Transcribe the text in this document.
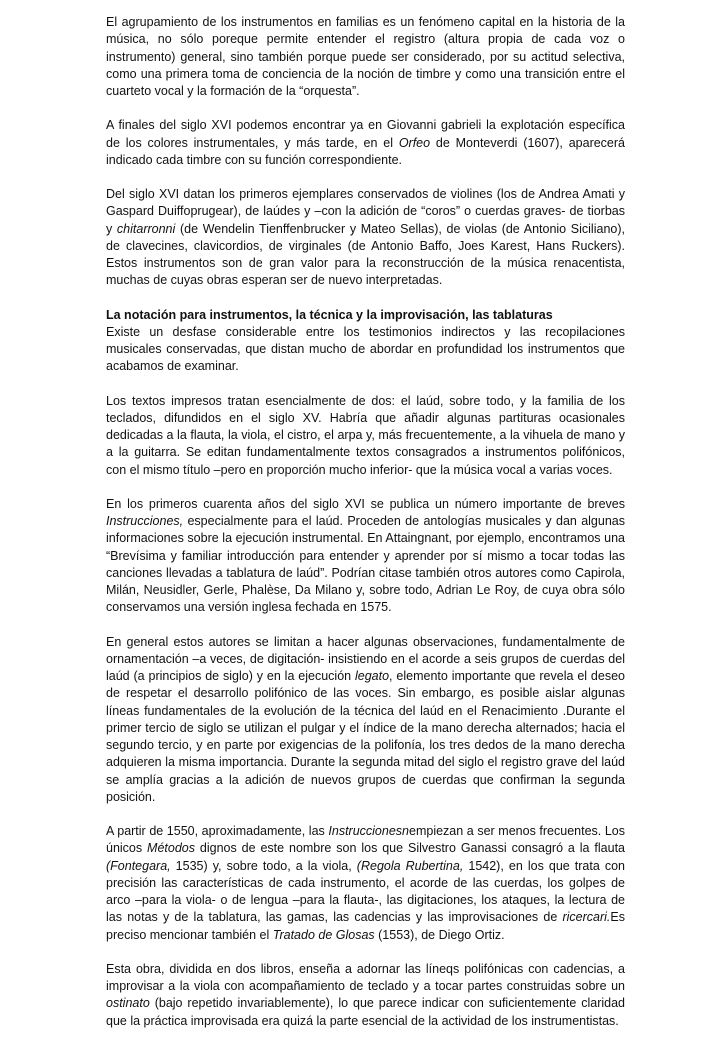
El agrupamiento de los instrumentos en familias es un fenómeno capital en la historia de la música, no sólo poreque permite entender el registro (altura propia de cada voz o instrumento) general, sino también porque puede ser considerado, por su actitud selectiva, como una primera toma de conciencia de la noción de timbre y como una transición entre el cuarteto vocal y la formación de la “orquesta”.

A finales del siglo XVI podemos encontrar ya en Giovanni gabrieli la explotación específica de los colores instrumentales, y más tarde, en el Orfeo de Monteverdi (1607), aparecerá indicado cada timbre con su función correspondiente.

Del siglo XVI datan los primeros ejemplares conservados de violines (los de Andrea Amati y Gaspard Duiffoprugear), de laúdes y –con la adición de “coros” o cuerdas graves- de tiorbas y chitarronni (de Wendelin Tienffenbrucker y Mateo Sellas), de violas (de Antonio Siciliano), de clavecines, clavicordios, de virginales (de Antonio Baffo, Joes Karest, Hans Ruckers). Estos instrumentos son de gran valor para la reconstrucción de la música renacentista, muchas de cuyas obras esperan ser de nuevo interpretadas.

La notación para instrumentos, la técnica y la improvisación, las tablaturas

Existe un desfase considerable entre los testimonios indirectos y las recopilaciones musicales conservadas, que distan mucho de abordar en profundidad los instrumentos que acabamos de examinar.

Los textos impresos tratan esencialmente de dos: el laúd, sobre todo, y la familia de los teclados, difundidos en el siglo XV. Habría que añadir algunas partituras ocasionales dedicadas a la flauta, la viola, el cistro, el arpa y, más frecuentemente, a la vihuela de mano y a la guitarra. Se editan fundamentalmente textos consagrados a instrumentos polifónicos, con el mismo título –pero en proporción mucho inferior- que la música vocal a varias voces.

En los primeros cuarenta años del siglo XVI se publica un número importante de breves Instrucciones, especialmente para el laúd. Proceden de antologías musicales y dan algunas informaciones sobre la ejecución instrumental. En Attaingnant, por ejemplo, encontramos una “Brevísima y familiar introducción para entender y aprender por sí mismo a tocar todas las canciones llevadas a tablatura de laúd”. Podrían citase también otros autores como Capirola, Milán, Neusidler, Gerle, Phalèse, Da Milano y, sobre todo, Adrian Le Roy, de cuya obra sólo conservamos una versión inglesa fechada en 1575.

En general estos autores se limitan a hacer algunas observaciones, fundamentalmente de ornamentación –a veces, de digitación- insistiendo en el acorde a seis grupos de cuerdas del laúd (a principios de siglo) y en la ejecución legato, elemento importante que revela el deseo de respetar el desarrollo polifónico de las voces. Sin embargo, es posible aislar algunas líneas fundamentales de la evolución de la técnica del laúd en el Renacimiento .Durante el primer tercio de siglo se utilizan el pulgar y el índice de la mano derecha alternados; hacia el segundo tercio, y en parte por exigencias de la polifonía, los tres dedos de la mano derecha adquieren la misma importancia. Durante la segunda mitad del siglo el registro grave del laúd se amplía gracias a la adición de nuevos grupos de cuerdas que confirman la segunda posición.

A partir de 1550, aproximadamente, las Instruccionesnempiezan a ser menos frecuentes. Los únicos Métodos dignos de este nombre son los que Silvestro Ganassi consagró a la flauta (Fontegara, 1535) y, sobre todo, a la viola, (Regola Rubertina, 1542), en los que trata con precisión las características de cada instrumento, el acorde de las cuerdas, los golpes de arco –para la viola- o de lengua –para la flauta-, las digitaciones, los ataques, la lectura de las notas y de la tablatura, las gamas, las cadencias y las improvisaciones de ricercari.Es preciso mencionar también el Tratado de Glosas (1553), de Diego Ortiz.

Esta obra, dividida en dos libros, enseña a adornar las líneqs polifónicas con cadencias, a improvisar a la viola con acompañamiento de teclado y a tocar partes construidas sobre un ostinato (bajo repetido invariablemente), lo que parece indicar con suficientemente claridad que la práctica improvisada era quizá la parte esencial de la actividad de los instrumentistas.
